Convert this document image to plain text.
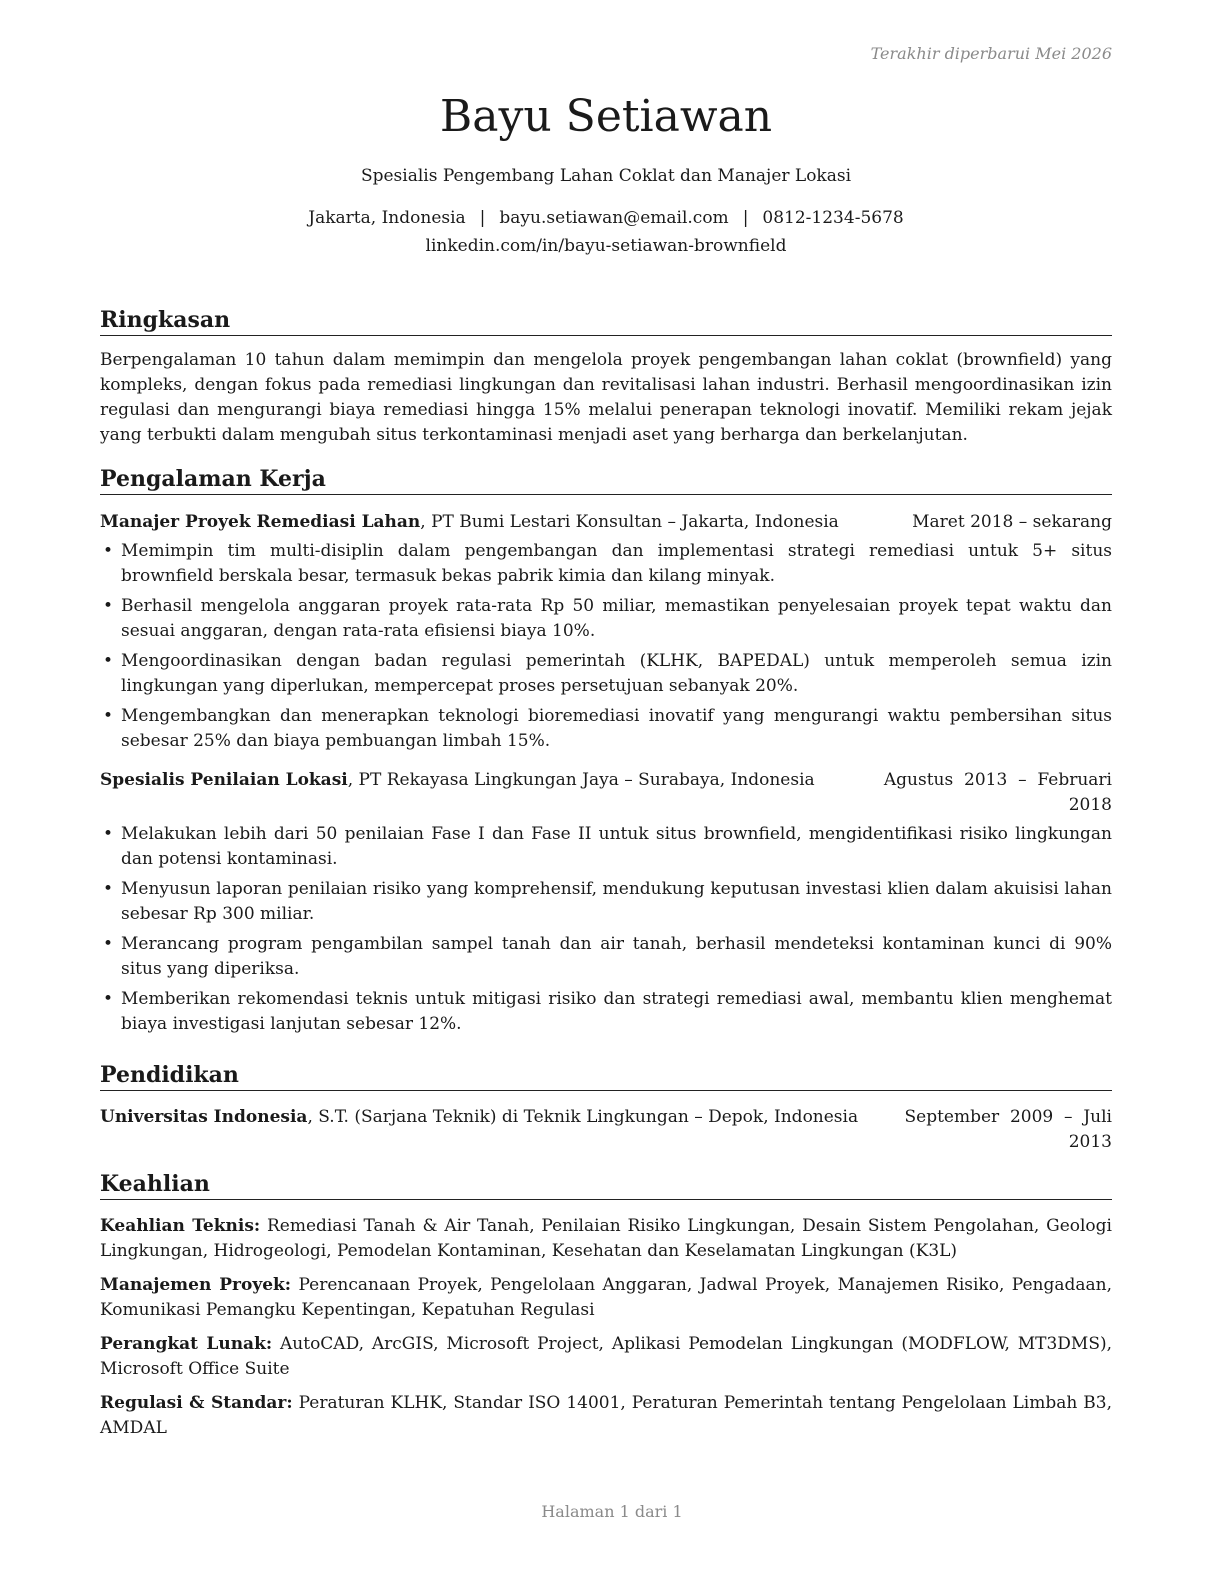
Terakhir diperbarui Mei 2026
Bayu Setiawan
Spesialis Pengembang Lahan Coklat dan Manajer Lokasi
Jakarta, Indonesia | bayu.setiawan@email.com | 0812-1234-5678
linkedin.com/in/bayu-setiawan-brownfield
Ringkasan
Berpengalaman 10 tahun dalam memimpin dan mengelola proyek pengembangan lahan coklat (brownfield) yang kompleks, dengan fokus pada remediasi lingkungan dan revitalisasi lahan industri. Berhasil mengoordinasikan izin regulasi dan mengurangi biaya remediasi hingga 15% melalui penerapan teknologi inovatif. Memiliki rekam jejak yang terbukti dalam mengubah situs terkontaminasi menjadi aset yang berharga dan berkelanjutan.
Pengalaman Kerja
Manajer Proyek Remediasi Lahan, PT Bumi Lestari Konsultan – Jakarta, Indonesia	Maret 2018 – sekarang
• Memimpin tim multi-disiplin dalam pengembangan dan implementasi strategi remediasi untuk 5+ situs brownfield berskala besar, termasuk bekas pabrik kimia dan kilang minyak.
• Berhasil mengelola anggaran proyek rata-rata Rp 50 miliar, memastikan penyelesaian proyek tepat waktu dan sesuai anggaran, dengan rata-rata efisiensi biaya 10%.
• Mengoordinasikan dengan badan regulasi pemerintah (KLHK, BAPEDAL) untuk memperoleh semua izin lingkungan yang diperlukan, mempercepat proses persetujuan sebanyak 20%.
• Mengembangkan dan menerapkan teknologi bioremediasi inovatif yang mengurangi waktu pembersihan situs sebesar 25% dan biaya pembuangan limbah 15%.
Spesialis Penilaian Lokasi, PT Rekayasa Lingkungan Jaya – Surabaya, Indonesia	Agustus  2013  –  Februari
2018
• Melakukan lebih dari 50 penilaian Fase I dan Fase II untuk situs brownfield, mengidentifikasi risiko lingkungan dan potensi kontaminasi.
• Menyusun laporan penilaian risiko yang komprehensif, mendukung keputusan investasi klien dalam akuisisi lahan sebesar Rp 300 miliar.
• Merancang program pengambilan sampel tanah dan air tanah, berhasil mendeteksi kontaminan kunci di 90% situs yang diperiksa.
• Memberikan rekomendasi teknis untuk mitigasi risiko dan strategi remediasi awal, membantu klien menghemat biaya investigasi lanjutan sebesar 12%.
Pendidikan
Universitas Indonesia, S.T. (Sarjana Teknik) di Teknik Lingkungan – Depok, Indonesia	September  2009  –  Juli
2013
Keahlian
Keahlian Teknis: Remediasi Tanah & Air Tanah, Penilaian Risiko Lingkungan, Desain Sistem Pengolahan, Geologi Lingkungan, Hidrogeologi, Pemodelan Kontaminan, Kesehatan dan Keselamatan Lingkungan (K3L)
Manajemen Proyek: Perencanaan Proyek, Pengelolaan Anggaran, Jadwal Proyek, Manajemen Risiko, Pengadaan, Komunikasi Pemangku Kepentingan, Kepatuhan Regulasi
Perangkat Lunak: AutoCAD, ArcGIS, Microsoft Project, Aplikasi Pemodelan Lingkungan (MODFLOW, MT3DMS), Microsoft Office Suite
Regulasi & Standar: Peraturan KLHK, Standar ISO 14001, Peraturan Pemerintah tentang Pengelolaan Limbah B3, AMDAL
Halaman 1 dari 1
